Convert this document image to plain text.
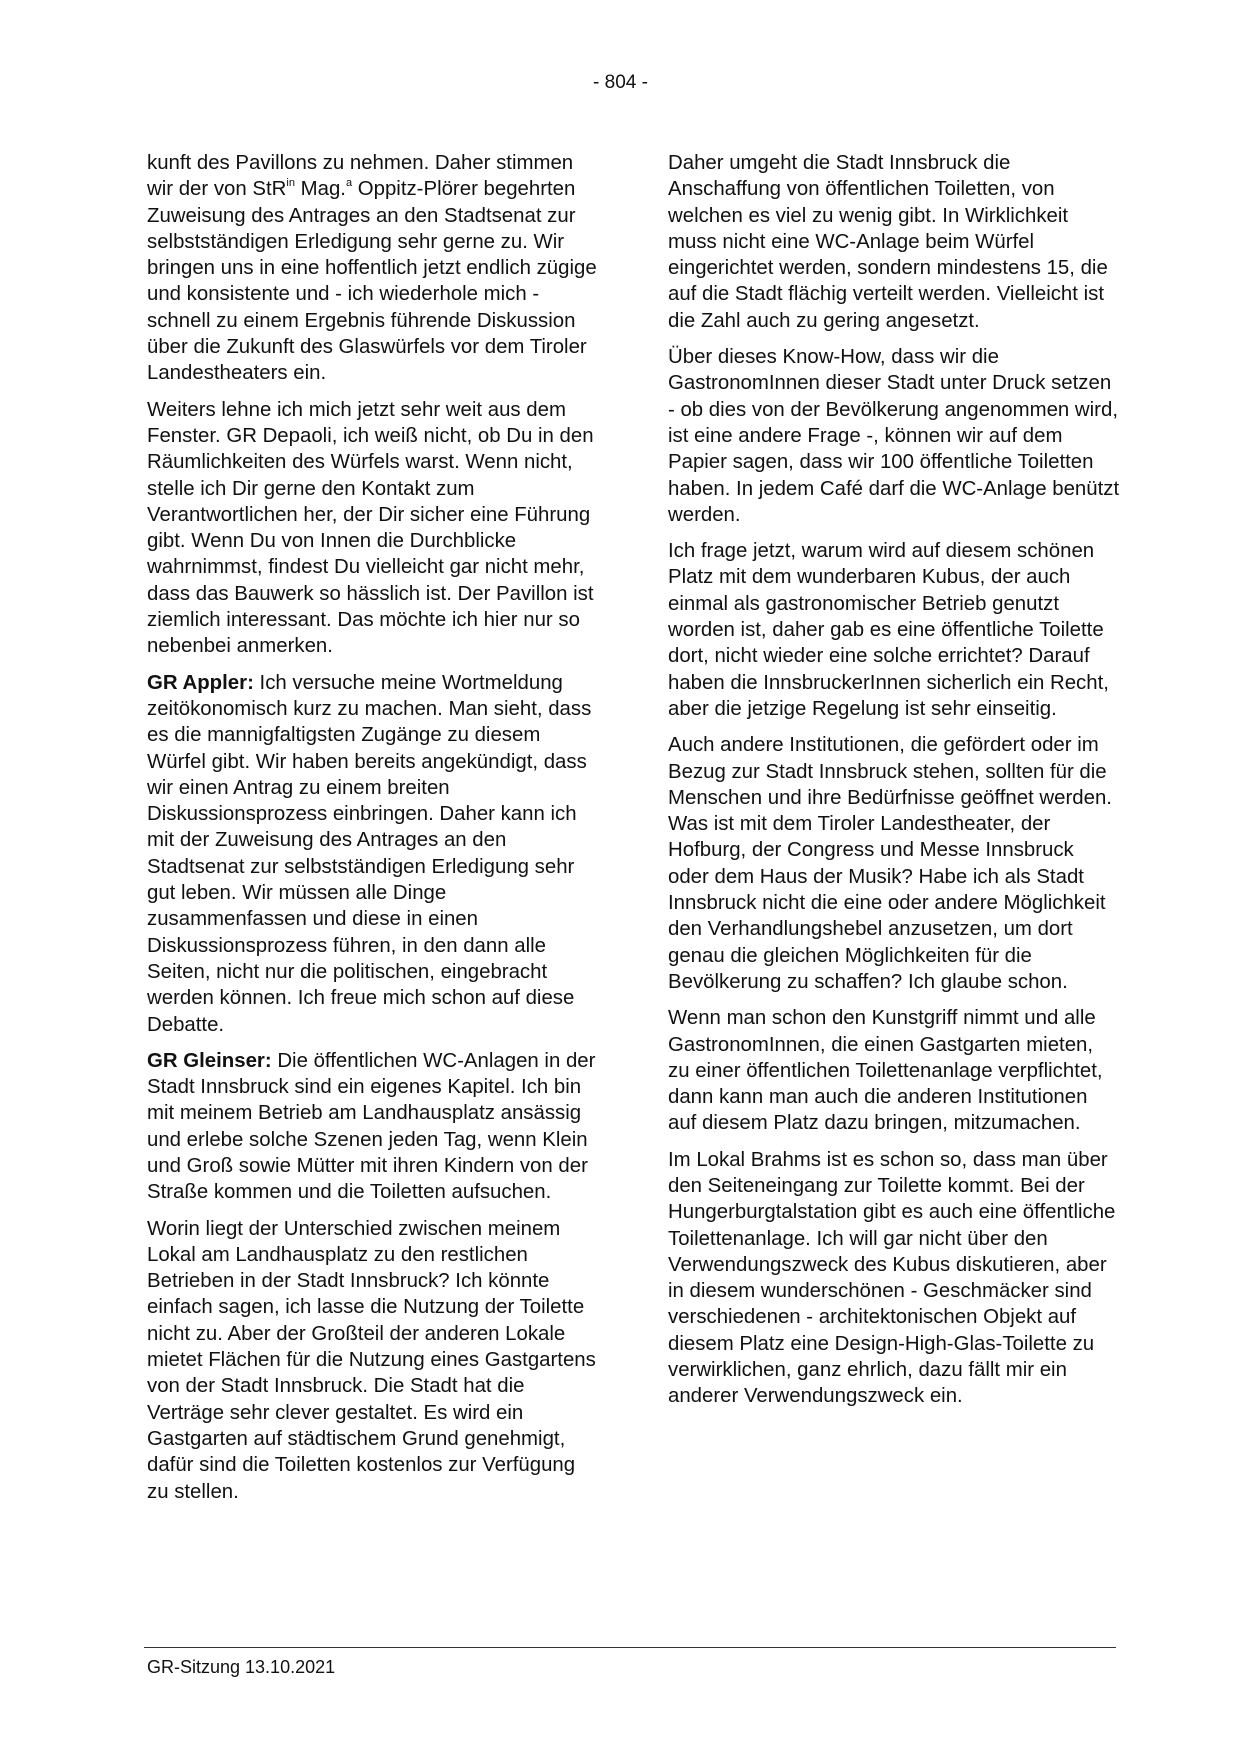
- 804 -

kunft des Pavillons zu nehmen. Daher stimmen wir der von StR$^{in}$ Mag.$^a$ Oppitz-Plörer begehrten Zuweisung des Antrages an den Stadtsenat zur selbstständigen Erledigung sehr gerne zu. Wir bringen uns in eine hoffentlich jetzt endlich zügige und konsistente und - ich wiederhole mich - schnell zu einem Ergebnis führende Diskussion über die Zukunft des Glaswürfels vor dem Tiroler Landestheaters ein.

Weiters lehne ich mich jetzt sehr weit aus dem Fenster. GR Depaoli, ich weiß nicht, ob Du in den Räumlichkeiten des Würfels warst. Wenn nicht, stelle ich Dir gerne den Kontakt zum Verantwortlichen her, der Dir sicher eine Führung gibt. Wenn Du von Innen die Durchblicke wahrnimmst, findest Du vielleicht gar nicht mehr, dass das Bauwerk so hässlich ist. Der Pavillon ist ziemlich interessant. Das möchte ich hier nur so nebenbei anmerken.

GR Appler: Ich versuche meine Wortmeldung zeitökonomisch kurz zu machen. Man sieht, dass es die mannigfaltigsten Zugänge zu diesem Würfel gibt. Wir haben bereits angekündigt, dass wir einen Antrag zu einem breiten Diskussionsprozess einbringen. Daher kann ich mit der Zuweisung des Antrages an den Stadtsenat zur selbstständigen Erledigung sehr gut leben. Wir müssen alle Dinge zusammenfassen und diese in einen Diskussionsprozess führen, in den dann alle Seiten, nicht nur die politischen, eingebracht werden können. Ich freue mich schon auf diese Debatte.

GR Gleinser: Die öffentlichen WC-Anlagen in der Stadt Innsbruck sind ein eigenes Kapitel. Ich bin mit meinem Betrieb am Landhausplatz ansässig und erlebe solche Szenen jeden Tag, wenn Klein und Groß sowie Mütter mit ihren Kindern von der Straße kommen und die Toiletten aufsuchen.

Worin liegt der Unterschied zwischen meinem Lokal am Landhausplatz zu den restlichen Betrieben in der Stadt Innsbruck? Ich könnte einfach sagen, ich lasse die Nutzung der Toilette nicht zu. Aber der Großteil der anderen Lokale mietet Flächen für die Nutzung eines Gastgartens von der Stadt Innsbruck. Die Stadt hat die Verträge sehr clever gestaltet. Es wird ein Gastgarten auf städtischem Grund genehmigt, dafür sind die Toiletten kostenlos zur Verfügung zu stellen.

Daher umgeht die Stadt Innsbruck die Anschaffung von öffentlichen Toiletten, von welchen es viel zu wenig gibt. In Wirklichkeit muss nicht eine WC-Anlage beim Würfel eingerichtet werden, sondern mindestens 15, die auf die Stadt flächig verteilt werden. Vielleicht ist die Zahl auch zu gering angesetzt.

Über dieses Know-How, dass wir die GastronomInnen dieser Stadt unter Druck setzen - ob dies von der Bevölkerung angenommen wird, ist eine andere Frage -, können wir auf dem Papier sagen, dass wir 100 öffentliche Toiletten haben. In jedem Café darf die WC-Anlage benützt werden.

Ich frage jetzt, warum wird auf diesem schönen Platz mit dem wunderbaren Kubus, der auch einmal als gastronomischer Betrieb genutzt worden ist, daher gab es eine öffentliche Toilette dort, nicht wieder eine solche errichtet? Darauf haben die InnsbruckerInnen sicherlich ein Recht, aber die jetzige Regelung ist sehr einseitig.

Auch andere Institutionen, die gefördert oder im Bezug zur Stadt Innsbruck stehen, sollten für die Menschen und ihre Bedürfnisse geöffnet werden. Was ist mit dem Tiroler Landestheater, der Hofburg, der Congress und Messe Innsbruck oder dem Haus der Musik? Habe ich als Stadt Innsbruck nicht die eine oder andere Möglichkeit den Verhandlungshebel anzusetzen, um dort genau die gleichen Möglichkeiten für die Bevölkerung zu schaffen? Ich glaube schon.

Wenn man schon den Kunstgriff nimmt und alle GastronomInnen, die einen Gastgarten mieten, zu einer öffentlichen Toilettenanlage verpflichtet, dann kann man auch die anderen Institutionen auf diesem Platz dazu bringen, mitzumachen.

Im Lokal Brahms ist es schon so, dass man über den Seiteneingang zur Toilette kommt. Bei der Hungerburgtalstation gibt es auch eine öffentliche Toilettenanlage. Ich will gar nicht über den Verwendungszweck des Kubus diskutieren, aber in diesem wunderschönen - Geschmäcker sind verschiedenen - architektonischen Objekt auf diesem Platz eine Design-High-Glas-Toilette zu verwirklichen, ganz ehrlich, dazu fällt mir ein anderer Verwendungszweck ein.

GR-Sitzung 13.10.2021
